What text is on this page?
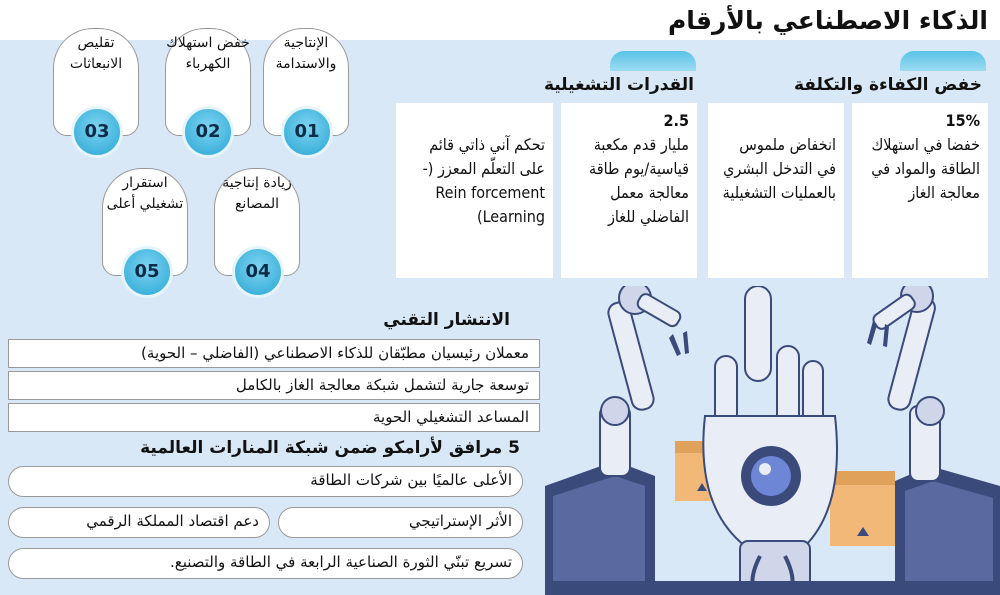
الذكاء الاصطناعي بالأرقام
خفض الكفاءة والتكلفة
القدرات التشغيلية
15%
خفضا في استهلاك الطاقة والمواد في معالجة الغاز
انخفاض ملموس في التدخل البشري بالعمليات التشغيلية
2.5
مليار قدم مكعبة قياسية/يوم طاقة معالجة معمل الفاضلي للغاز
تحكم آني ذاتي قائم على التعلّم المعزز (-Rein forcement Learning)
الإنتاجية والاستدامة
01
خفض استهلاك الكهرباء
02
تقليص الانبعاثات
03
زيادة إنتاجية المصانع
04
استقرار تشغيلي أعلى
05
الانتشار التقني
معملان رئيسيان مطبّقان للذكاء الاصطناعي (الفاضلي – الحوية)
توسعة جارية لتشمل شبكة معالجة الغاز بالكامل
المساعد التشغيلي الحوية
5 مرافق لأرامكو ضمن شبكة المنارات العالمية
الأعلى عالميًا بين شركات الطاقة
الأثر الإستراتيجي
دعم اقتصاد المملكة الرقمي
تسريع تبنّي الثورة الصناعية الرابعة في الطاقة والتصنيع.
